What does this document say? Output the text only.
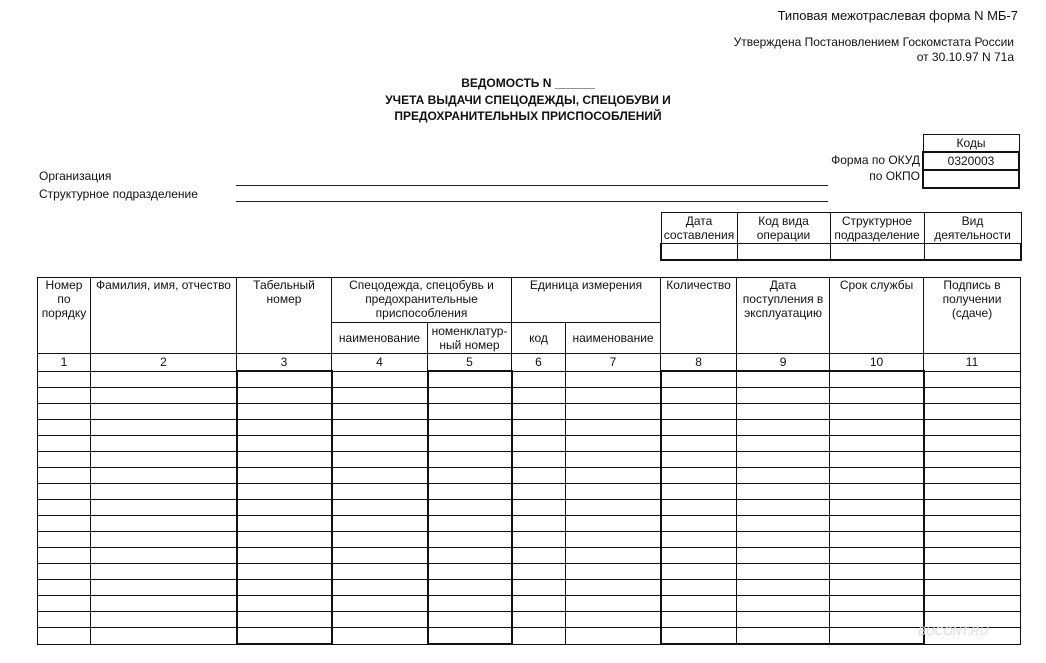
Типовая межотраслевая форма N МБ-7
Утверждена Постановлением Госкомстата России
от 30.10.97 N 71а
ВЕДОМОСТЬ N ______
УЧЕТА ВЫДАЧИ СПЕЦОДЕЖДЫ, СПЕЦОБУВИ И
ПРЕДОХРАНИТЕЛЬНЫХ ПРИСПОСОБЛЕНИЙ
Коды
0320003

Форма по ОКУД
по ОКПО
Организация
Структурное подразделение
Дата составления	Код вида операции	Структурное подразделение	Вид деятельности

Номер по порядку	Фамилия, имя, отчество	Табельный номер	Спецодежда, спецобувь и предохранительные приспособления		Единица измерения		Количество	Дата поступления в эксплуатацию	Срок службы	Подпись в получении (сдаче)
			наименование	номенклатур-ный номер	код	наименование				
1	2	3	4	5	6	7	8	9	10	11

BUCONT.RU
